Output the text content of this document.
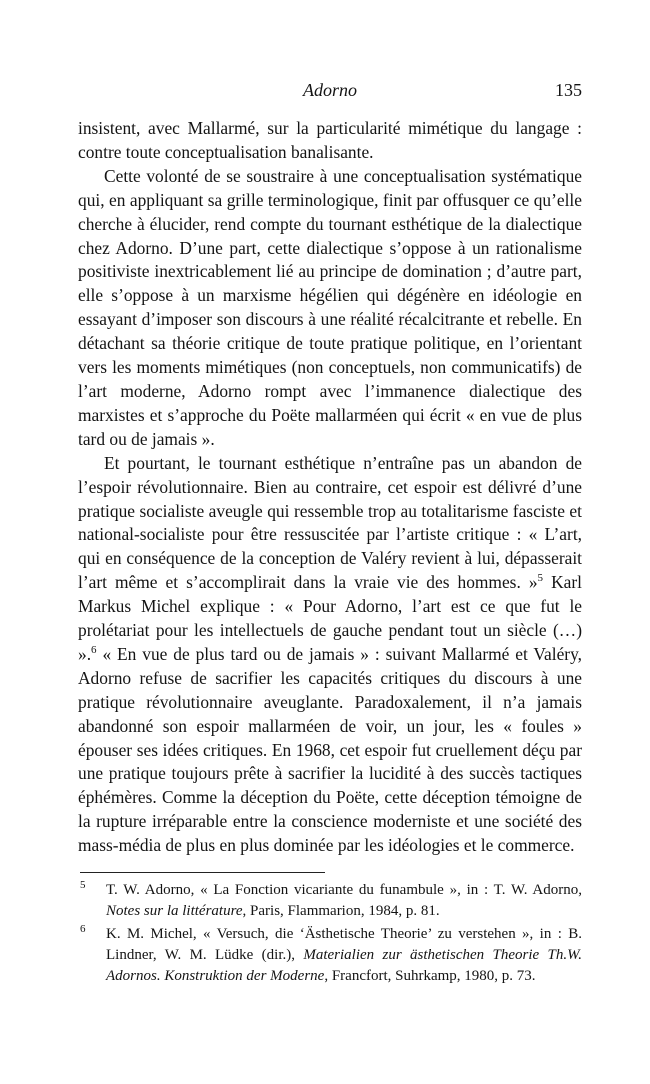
Adorno	135

insistent, avec Mallarmé, sur la particularité mimétique du langage : contre toute conceptualisation banalisante.

Cette volonté de se soustraire à une conceptualisation systématique qui, en appliquant sa grille terminologique, finit par offusquer ce qu’elle cherche à élucider, rend compte du tournant esthétique de la dialectique chez Adorno. D’une part, cette dialectique s’oppose à un rationalisme positiviste inextricablement lié au principe de domination ; d’autre part, elle s’oppose à un marxisme hégélien qui dégénère en idéologie en essayant d’imposer son discours à une réalité récalcitrante et rebelle. En détachant sa théorie critique de toute pratique politique, en l’orientant vers les moments mimétiques (non conceptuels, non communicatifs) de l’art moderne, Adorno rompt avec l’immanence dialectique des marxistes et s’approche du Poëte mallarméen qui écrit « en vue de plus tard ou de jamais ».

Et pourtant, le tournant esthétique n’entraîne pas un abandon de l’espoir révolutionnaire. Bien au contraire, cet espoir est délivré d’une pratique socialiste aveugle qui ressemble trop au totalitarisme fasciste et national-socialiste pour être ressuscitée par l’artiste critique : « L’art, qui en conséquence de la conception de Valéry revient à lui, dépasserait l’art même et s’accomplirait dans la vraie vie des hommes. »$^5$ Karl Markus Michel explique : « Pour Adorno, l’art est ce que fut le prolétariat pour les intellectuels de gauche pendant tout un siècle (…) ».$^6$ « En vue de plus tard ou de jamais » : suivant Mallarmé et Valéry, Adorno refuse de sacrifier les capacités critiques du discours à une pratique révolutionnaire aveuglante. Paradoxalement, il n’a jamais abandonné son espoir mallarméen de voir, un jour, les « foules » épouser ses idées critiques. En 1968, cet espoir fut cruellement déçu par une pratique toujours prête à sacrifier la lucidité à des succès tactiques éphémères. Comme la déception du Poëte, cette déception témoigne de la rupture irréparable entre la conscience moderniste et une société des mass-média de plus en plus dominée par les idéologies et le commerce.

5 T. W. Adorno, « La Fonction vicariante du funambule », in : T. W. Adorno, Notes sur la littérature, Paris, Flammarion, 1984, p. 81.
6 K. M. Michel, « Versuch, die ‘Ästhetische Theorie’ zu verstehen », in : B. Lindner, W. M. Lüdke (dir.), Materialien zur ästhetischen Theorie Th.W. Adornos. Konstruktion der Moderne, Francfort, Suhrkamp, 1980, p. 73.
